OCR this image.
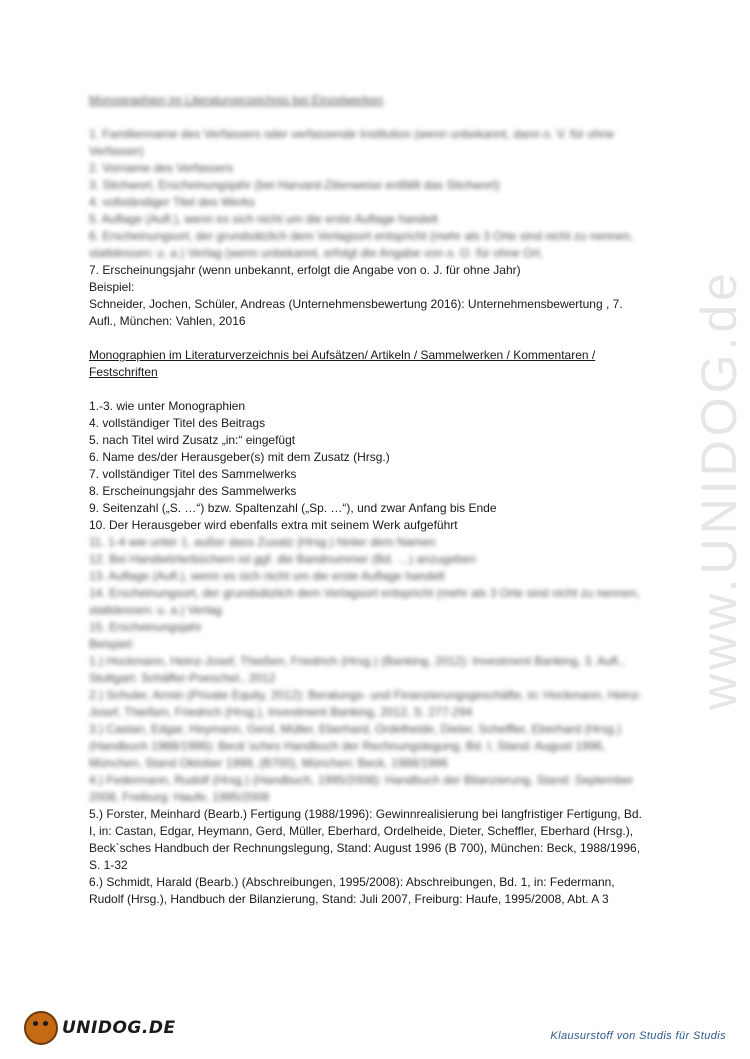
www.UNIDOG.de
Monographien im Literaturverzeichnis bei Einzelwerken
1. Familienname des Verfassers oder verfassende Institution (wenn unbekannt, dann o. V. für ohne Verfasser)
2. Vorname des Verfassers
3. Stichwort, Erscheinungsjahr (bei Harvard-Zitierweise entfällt das Stichwort)
4. vollständiger Titel des Werks
5. Auflage (Aufl.), wenn es sich nicht um die erste Auflage handelt
6. Erscheinungsort, der grundsätzlich dem Verlagsort entspricht (mehr als 3 Orte sind nicht zu nennen, stattdessen: u. a.) Verlag (wenn unbekannt, erfolgt die Angabe von o. O. für ohne Ort.
7. Erscheinungsjahr (wenn unbekannt, erfolgt die Angabe von o. J. für ohne Jahr)
Beispiel:
Schneider, Jochen, Schüler, Andreas (Unternehmensbewertung 2016): Unternehmensbewertung , 7. Aufl., München: Vahlen, 2016
Monographien im Literaturverzeichnis bei Aufsätzen/ Artikeln / Sammelwerken / Kommentaren / Festschriften
1.-3. wie unter Monographien
4. vollständiger Titel des Beitrags
5. nach Titel wird Zusatz „in:“ eingefügt
6. Name des/der Herausgeber(s) mit dem Zusatz (Hrsg.)
7. vollständiger Titel des Sammelwerks
8. Erscheinungsjahr des Sammelwerks
9. Seitenzahl („S. …“) bzw. Spaltenzahl („Sp. …“), und zwar Anfang bis Ende
10. Der Herausgeber wird ebenfalls extra mit seinem Werk aufgeführt
11. 1-4 wie unter 1, außer dass Zusatz (Hrsg.) hinter dem Namen
12. Bei Handwörterbüchern ist ggf. die Bandnummer (Bd. …) anzugeben
13. Auflage (Aufl.), wenn es sich nicht um die erste Auflage handelt
14. Erscheinungsort, der grundsätzlich dem Verlagsort entspricht (mehr als 3 Orte sind nicht zu nennen, stattdessen: u. a.) Verlag
15. Erscheinungsjahr
Beispiel:
1.) Hockmann, Heinz-Josef, Thießen, Friedrich (Hrsg.) (Banking, 2012): Investment Banking, 3. Aufl., Stuttgart: Schäffer-Poeschel., 2012
2.) Schuler, Armin (Private Equity, 2012): Beratungs- und Finanzierungsgeschäfte, in: Hockmann, Heinz-Josef, Thießen, Friedrich (Hrsg.), Investment Banking, 2012, S. 277-294
3.) Castan, Edgar, Heymann, Gerd, Müller, Eberhard, Ordelheide, Dieter, Scheffler, Eberhard (Hrsg.) (Handbuch 1988/1996): Beck´sches Handbuch der Rechnungslegung, Bd. I, Stand: August 1996, München, Stand Oktober 1999, (B700), München: Beck, 1988/1996
4.) Federmann, Rudolf (Hrsg.) (Handbuch, 1995/2008): Handbuch der Bilanzierung, Stand: September 2008, Freiburg: Haufe, 1995/2008
5.) Forster, Meinhard (Bearb.) Fertigung (1988/1996): Gewinnrealisierung bei langfristiger Fertigung, Bd. I, in: Castan, Edgar, Heymann, Gerd, Müller, Eberhard, Ordelheide, Dieter, Scheffler, Eberhard (Hrsg.), Beck`sches Handbuch der Rechnungslegung, Stand: August 1996 (B 700), München: Beck, 1988/1996, S. 1-32
6.) Schmidt, Harald (Bearb.) (Abschreibungen, 1995/2008): Abschreibungen, Bd. 1, in: Federmann, Rudolf (Hrsg.), Handbuch der Bilanzierung, Stand: Juli 2007, Freiburg: Haufe, 1995/2008, Abt. A 3
UNIDOG.DE	Klausurstoff von Studis für Studis
